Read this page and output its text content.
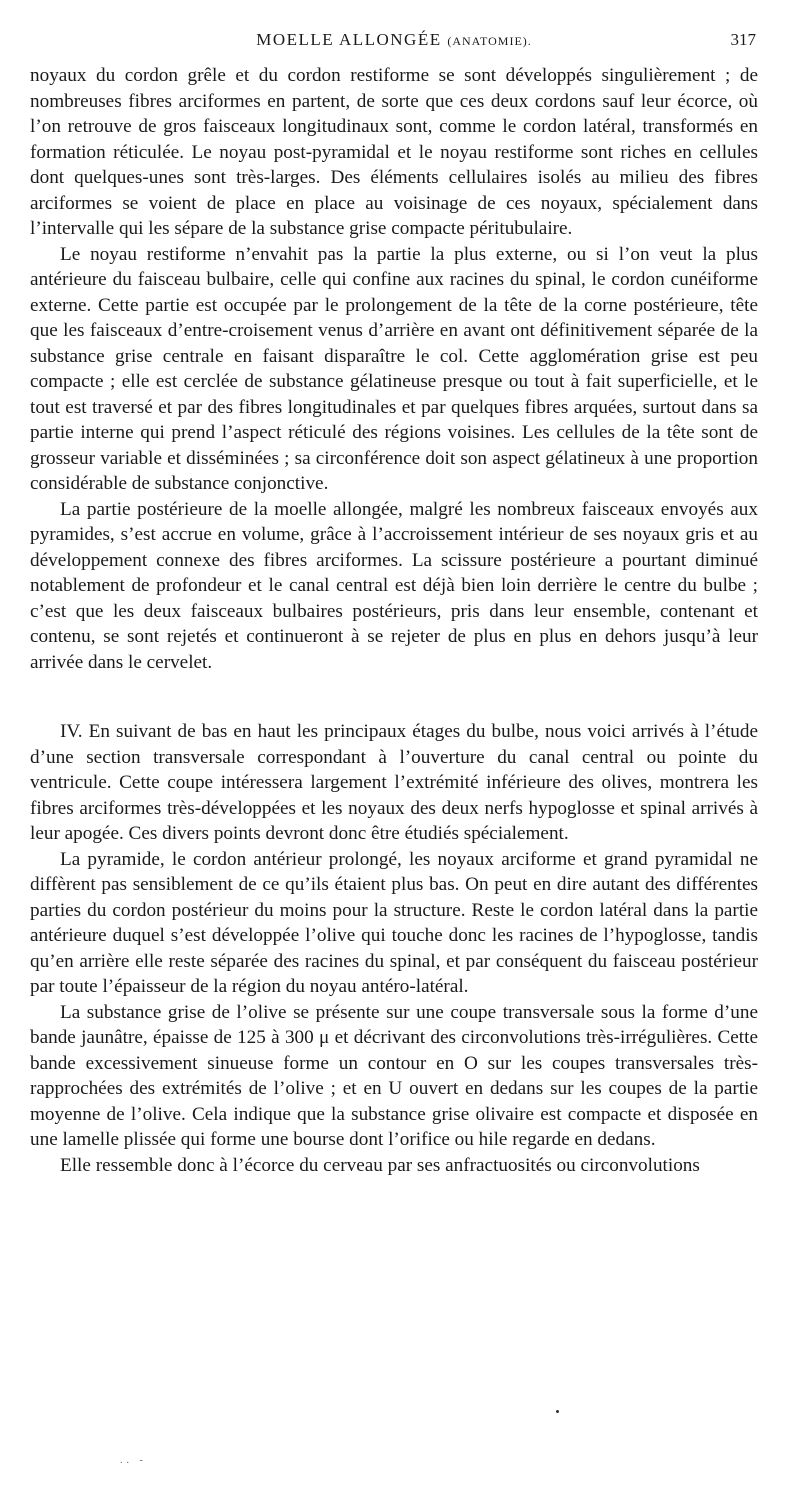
MOELLE ALLONGÉE (ANATOMIE).	317

noyaux du cordon grêle et du cordon restiforme se sont développés singulièrement ; de nombreuses fibres arciformes en partent, de sorte que ces deux cordons sauf leur écorce, où l’on retrouve de gros faisceaux longitudinaux sont, comme le cordon latéral, transformés en formation réticulée. Le noyau post-pyramidal et le noyau restiforme sont riches en cellules dont quelques-unes sont très-larges. Des éléments cellulaires isolés au milieu des fibres arciformes se voient de place en place au voisinage de ces noyaux, spécialement dans l’intervalle qui les sépare de la substance grise compacte péritubulaire.

Le noyau restiforme n’envahit pas la partie la plus externe, ou si l’on veut la plus antérieure du faisceau bulbaire, celle qui confine aux racines du spinal, le cordon cunéiforme externe. Cette partie est occupée par le prolongement de la tête de la corne postérieure, tête que les faisceaux d’entre-croisement venus d’arrière en avant ont définitivement séparée de la substance grise centrale en faisant disparaître le col. Cette agglomération grise est peu compacte ; elle est cerclée de substance gélatineuse presque ou tout à fait superficielle, et le tout est traversé et par des fibres longitudinales et par quelques fibres arquées, surtout dans sa partie interne qui prend l’aspect réticulé des régions voisines. Les cellules de la tête sont de grosseur variable et disséminées ; sa circonférence doit son aspect gélatineux à une proportion considérable de substance conjonctive.

La partie postérieure de la moelle allongée, malgré les nombreux faisceaux envoyés aux pyramides, s’est accrue en volume, grâce à l’accroissement intérieur de ses noyaux gris et au développement connexe des fibres arciformes. La scissure postérieure a pourtant diminué notablement de profondeur et le canal central est déjà bien loin derrière le centre du bulbe ; c’est que les deux faisceaux bulbaires postérieurs, pris dans leur ensemble, contenant et contenu, se sont rejetés et continueront à se rejeter de plus en plus en dehors jusqu’à leur arrivée dans le cervelet.

IV. En suivant de bas en haut les principaux étages du bulbe, nous voici arrivés à l’étude d’une section transversale correspondant à l’ouverture du canal central ou pointe du ventricule. Cette coupe intéressera largement l’extrémité inférieure des olives, montrera les fibres arciformes très-développées et les noyaux des deux nerfs hypoglosse et spinal arrivés à leur apogée. Ces divers points devront donc être étudiés spécialement.

La pyramide, le cordon antérieur prolongé, les noyaux arciforme et grand pyramidal ne diffèrent pas sensiblement de ce qu’ils étaient plus bas. On peut en dire autant des différentes parties du cordon postérieur du moins pour la structure. Reste le cordon latéral dans la partie antérieure duquel s’est développée l’olive qui touche donc les racines de l’hypoglosse, tandis qu’en arrière elle reste séparée des racines du spinal, et par conséquent du faisceau postérieur par toute l’épaisseur de la région du noyau antéro-latéral.

La substance grise de l’olive se présente sur une coupe transversale sous la forme d’une bande jaunâtre, épaisse de 125 à 300 μ et décrivant des circonvolutions très-irrégulières. Cette bande excessivement sinueuse forme un contour en O sur les coupes transversales très-rapprochées des extrémités de l’olive ; et en U ouvert en dedans sur les coupes de la partie moyenne de l’olive. Cela indique que la substance grise olivaire est compacte et disposée en une lamelle plissée qui forme une bourse dont l’orifice ou hile regarde en dedans.

Elle ressemble donc à l’écorce du cerveau par ses anfractuosités ou circonvolutions

.. -
